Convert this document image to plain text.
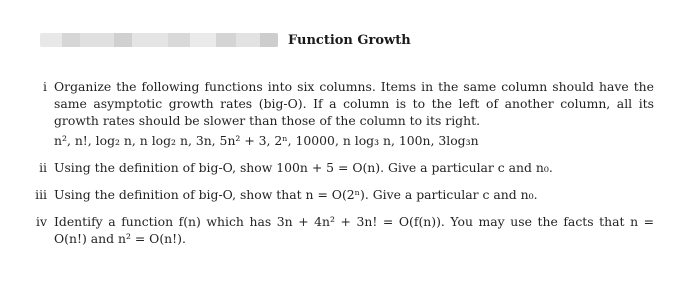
Function Growth
i Organize the following functions into six columns. Items in the same column should have the same asymptotic growth rates (big-O). If a column is to the left of another column, all its growth rates should be slower than those of the column to its right.
n², n!, log₂ n, n log₂ n, 3n, 5n² + 3, 2ⁿ, 10000, n log₃ n, 100n, 3log₃n
ii Using the definition of big-O, show 100n + 5 = O(n). Give a particular c and n₀.
iii Using the definition of big-O, show that n = O(2ⁿ). Give a particular c and n₀.
iv Identify a function f(n) which has 3n + 4n² + 3n! = O(f(n)). You may use the facts that n = O(n!) and n² = O(n!).
